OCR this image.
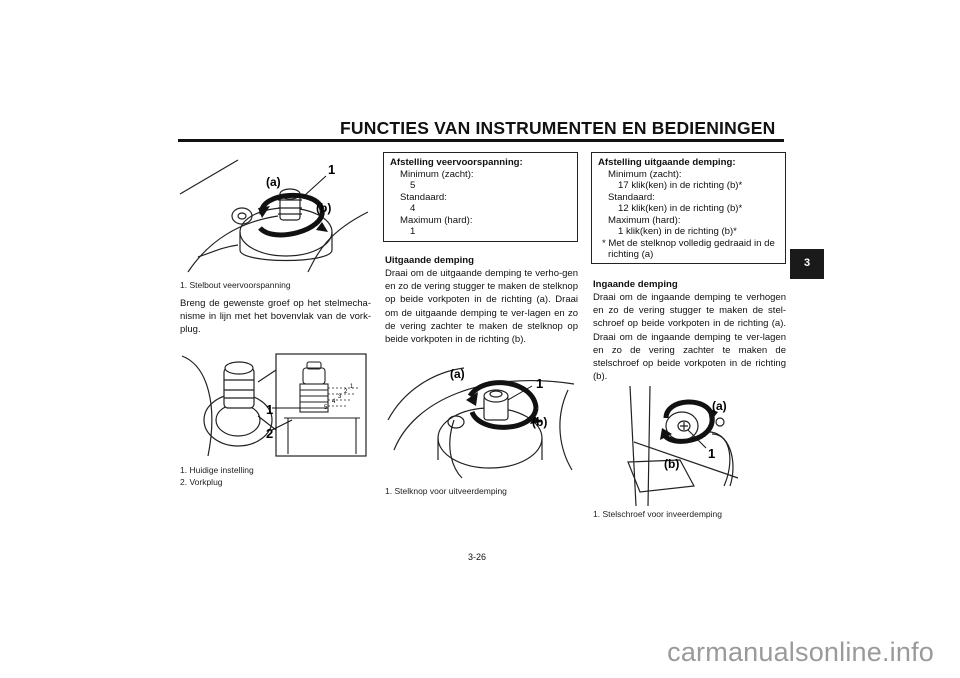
FUNCTIES VAN INSTRUMENTEN EN BEDIENINGEN
3
(a)
(b)
1
1. Stelbout veervoorspanning

Breng de gewenste groef op het stelmecha-nisme in lijn met het bovenvlak van de vork-plug.

1
2
3
4
5
1
2
1. Huidige instelling
2. Vorkplug
Afstelling veervoorspanning:
Minimum (zacht):
5
Standaard:
4
Maximum (hard):
1
Uitgaande demping

Draai om de uitgaande demping te verho-gen en zo de vering stugger te maken de stelknop op beide vorkpoten in de richting (a). Draai om de uitgaande demping te ver-lagen en zo de vering zachter te maken de stelknop op beide vorkpoten in de richting (b).

(a)
(b)
1
1. Stelknop voor uitveerdemping
Afstelling uitgaande demping:
Minimum (zacht):
17 klik(ken) in de richting (b)*
Standaard:
12 klik(ken) in de richting (b)*
Maximum (hard):
1 klik(ken) in de richting (b)*
* Met de stelknop volledig gedraaid in de richting (a)
Ingaande demping

Draai om de ingaande demping te verhogen en zo de vering stugger te maken de stel-schroef op beide vorkpoten in de richting (a). Draai om de ingaande demping te ver-lagen en zo de vering zachter te maken de stelschroef op beide vorkpoten in de richting (b).

(a)
(b)
1
1. Stelschroef voor inveerdemping
3-26
carmanualsonline.info
